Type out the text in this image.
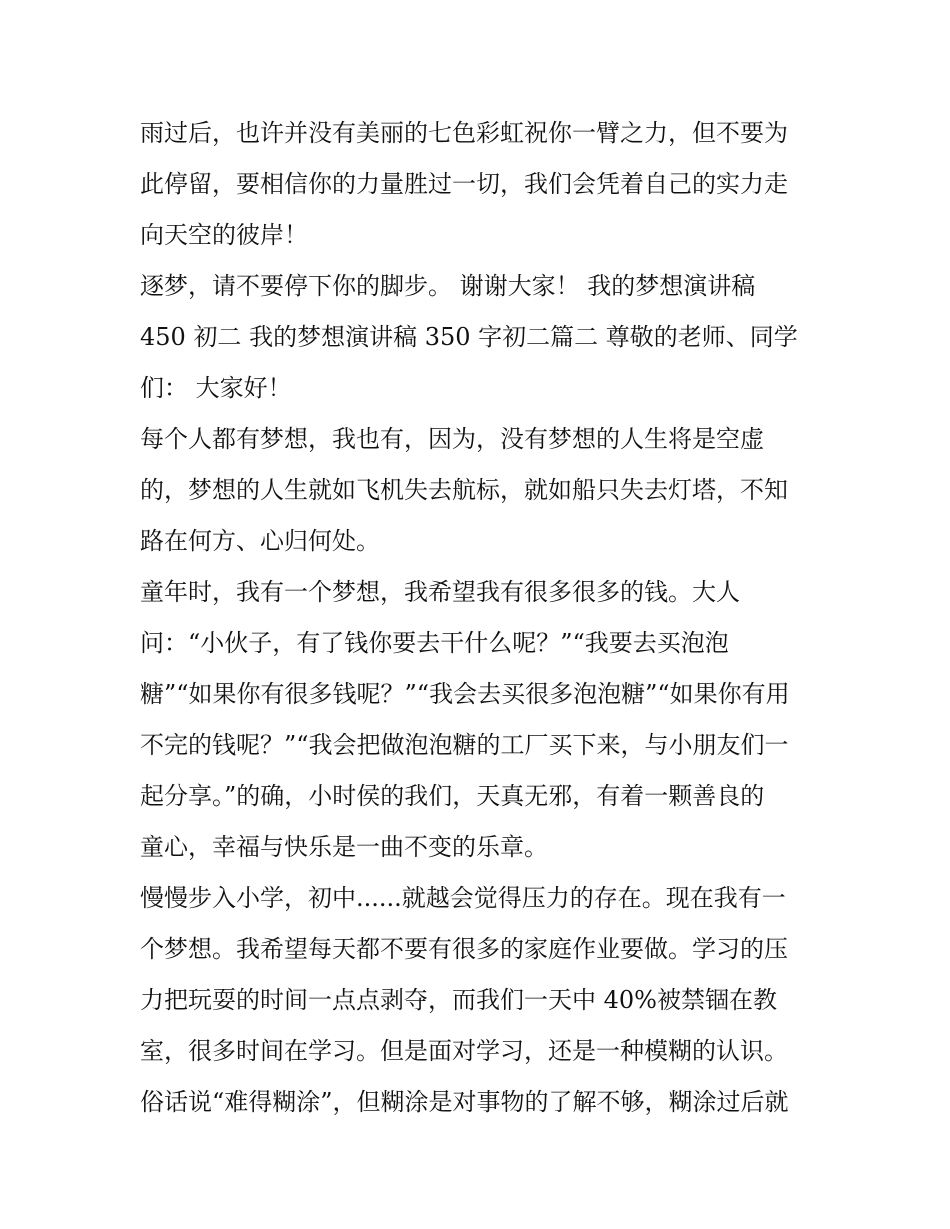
雨过后，也许并没有美丽的七色彩虹祝你一臂之力，但不要为
此停留，要相信你的力量胜过一切，我们会凭着自己的实力走
向天空的彼岸！
逐梦，请不要停下你的脚步。 谢谢大家！ 我的梦想演讲稿
450 初二 我的梦想演讲稿 350 字初二篇二 尊敬的老师、同学
们： 大家好！
每个人都有梦想，我也有，因为，没有梦想的人生将是空虚
的，梦想的人生就如飞机失去航标，就如船只失去灯塔，不知
路在何方、心归何处。
童年时，我有一个梦想，我希望我有很多很多的钱。大人
问：“小伙子，有了钱你要去干什么呢？”“我要去买泡泡
糖”“如果你有很多钱呢？”“我会去买很多泡泡糖”“如果你有用
不完的钱呢？”“我会把做泡泡糖的工厂买下来，与小朋友们一
起分享。”的确，小时侯的我们，天真无邪，有着一颗善良的
童心，幸福与快乐是一曲不变的乐章。
慢慢步入小学，初中......就越会觉得压力的存在。现在我有一
个梦想。我希望每天都不要有很多的家庭作业要做。学习的压
力把玩耍的时间一点点剥夺，而我们一天中 40%被禁锢在教
室，很多时间在学习。但是面对学习，还是一种模糊的认识。
俗话说“难得糊涂”，但糊涂是对事物的了解不够，糊涂过后就
